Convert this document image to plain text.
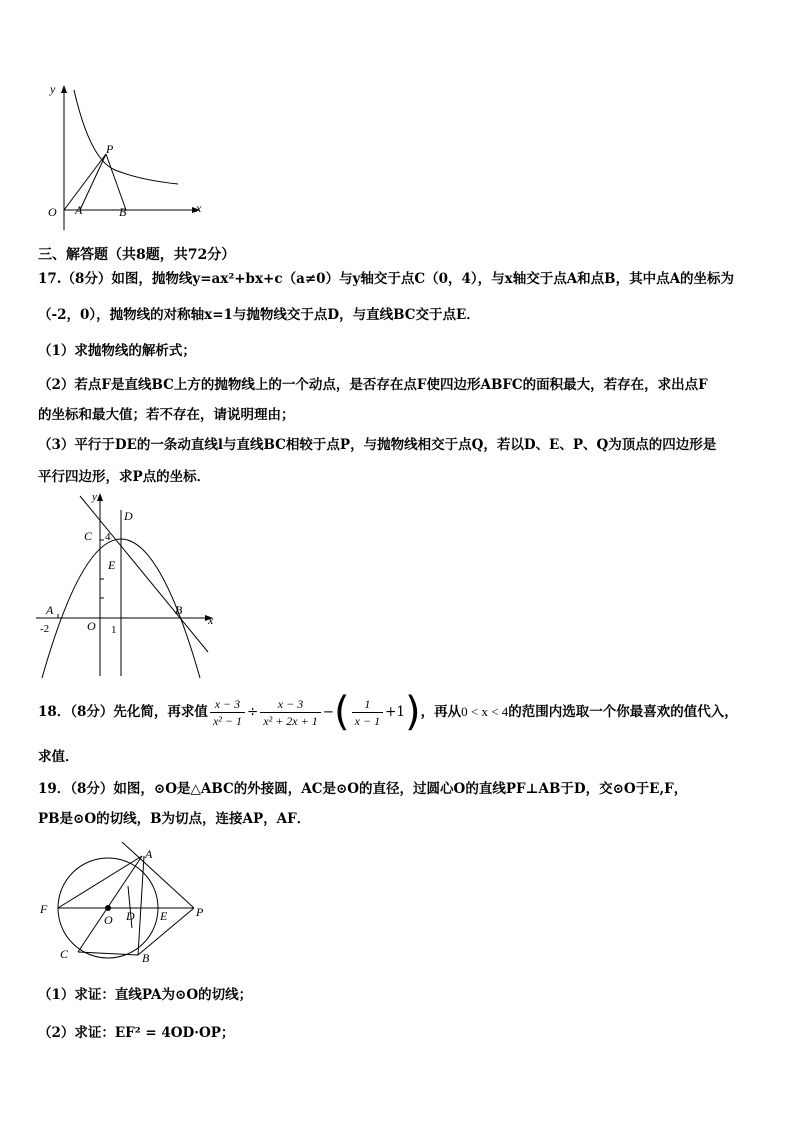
y
x
O A	B
P
三、解答题（共8题，共72分）
17.（8分）如图，抛物线y=ax²+bx+c（a≠0）与y轴交于点C（0，4），与x轴交于点A和点B，其中点A的坐标为
（-2，0），抛物线的对称轴x=1与抛物线交于点D，与直线BC交于点E．
（1）求抛物线的解析式；
（2）若点F是直线BC上方的抛物线上的一个动点，是否存在点F使四边形ABFC的面积最大，若存在，求出点F
的坐标和最大值；若不存在，请说明理由；
（3）平行于DE的一条动直线l与直线BC相较于点P，与抛物线相交于点Q，若以D、E、P、Q为顶点的四边形是
平行四边形，求P点的坐标．
y
x
C 4
D
E
A	B
O
-2	1
18．（8分）先化简，再求值 $\frac{x - 3}{\text{x² − 1}} \div \frac{x - 3}{\text{x² + 2x + 1}}$ − ( $\frac{1}{x - 1} +1$ ) ，再从 0 < x < 4 的范围内选取一个你最喜欢的值代入，
求值．
19．（8分）如图，⊙O是△ABC的外接圆，AC是⊙O的直径，过圆心O的直线PF⊥AB于D，交⊙O于E,F，
PB是⊙O的切线，B为切点，连接AP，AF．
A
F
O D E P
C	B
（1）求证：直线PA为⊙O的切线；
（2）求证：EF² = 4OD·OP；
